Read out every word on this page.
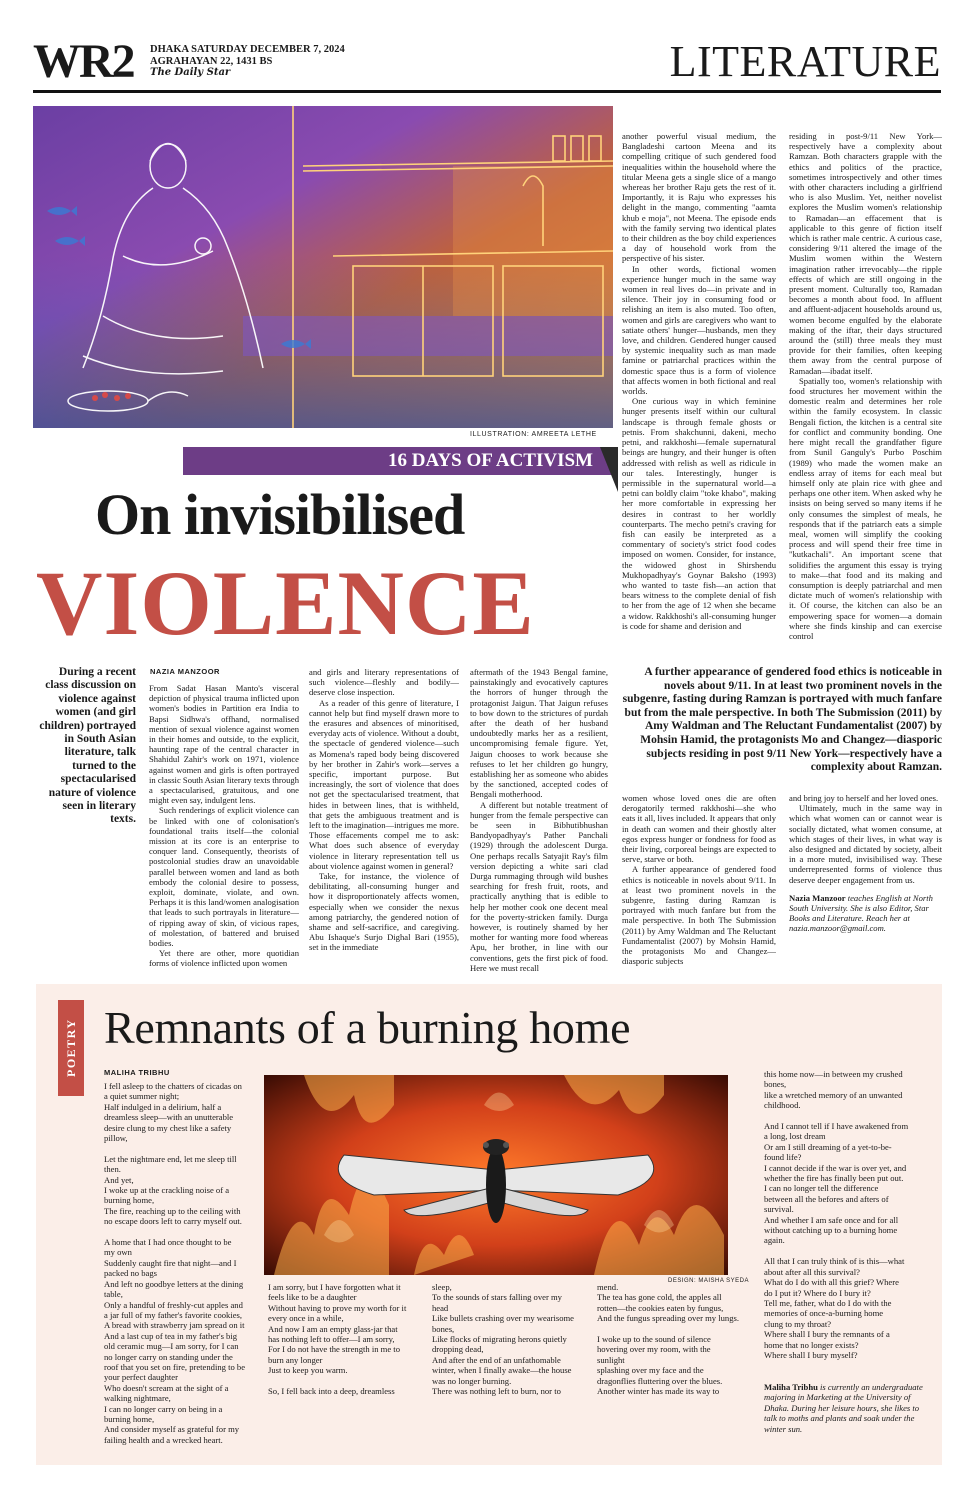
WR2 DHAKA SATURDAY DECEMBER 7, 2024
AGRAHAYAN 22, 1431 BS
The Daily Star	LITERATURE
ILLUSTRATION: AMREETA LETHE
16 DAYS OF ACTIVISM
On invisibilised
VIOLENCE
During a recent class discussion on violence against women (and girl children) portrayed in South Asian literature, talk turned to the spectacularised nature of violence seen in literary texts.
NAZIA MANZOOR

From Sadat Hasan Manto's visceral depiction of physical trauma inflicted upon women's bodies in Partition era India to Bapsi Sidhwa's offhand, normalised mention of sexual violence against women in their homes and outside, to the explicit, haunting rape of the central character in Shahidul Zahir's work on 1971, violence against women and girls is often portrayed in classic South Asian literary texts through a spectacularised, gratuitous, and one might even say, indulgent lens.

Such renderings of explicit violence can be linked with one of colonisation's foundational traits itself—the colonial mission at its core is an enterprise to conquer land. Consequently, theorists of postcolonial studies draw an unavoidable parallel between women and land as both embody the colonial desire to possess, exploit, dominate, violate, and own. Perhaps it is this land/women analogisation that leads to such portrayals in literature—of ripping away of skin, of vicious rapes, of molestation, of battered and bruised bodies.

Yet there are other, more quotidian forms of violence inflicted upon women

and girls and literary representations of such violence—fleshly and bodily—deserve close inspection.

As a reader of this genre of literature, I cannot help but find myself drawn more to the erasures and absences of minoritised, everyday acts of violence. Without a doubt, the spectacle of gendered violence—such as Momena's raped body being discovered by her brother in Zahir's work—serves a specific, important purpose. But increasingly, the sort of violence that does not get the spectacularised treatment, that hides in between lines, that is withheld, that gets the ambiguous treatment and is left to the imagination—intrigues me more. Those effacements compel me to ask: What does such absence of everyday violence in literary representation tell us about violence against women in general?

Take, for instance, the violence of debilitating, all-consuming hunger and how it disproportionately affects women, especially when we consider the nexus among patriarchy, the gendered notion of shame and self-sacrifice, and caregiving. Abu Ishaque's Surjo Dighal Bari (1955), set in the immediate

aftermath of the 1943 Bengal famine, painstakingly and evocatively captures the horrors of hunger through the protagonist Jaigun. That Jaigun refuses to bow down to the strictures of purdah after the death of her husband undoubtedly marks her as a resilient, uncompromising female figure. Yet, Jaigun chooses to work because she refuses to let her children go hungry, establishing her as someone who abides by the sanctioned, accepted codes of Bengali motherhood.

A different but notable treatment of hunger from the female perspective can be seen in Bibhutibhushan Bandyopadhyay's Pather Panchali (1929) through the adolescent Durga. One perhaps recalls Satyajit Ray's film version depicting a white sari clad Durga rummaging through wild bushes searching for fresh fruit, roots, and practically anything that is edible to help her mother cook one decent meal for the poverty-stricken family. Durga however, is routinely shamed by her mother for wanting more food whereas Apu, her brother, in line with our conventions, gets the first pick of food. Here we must recall

another powerful visual medium, the Bangladeshi cartoon Meena and its compelling critique of such gendered food inequalities within the household where the titular Meena gets a single slice of a mango whereas her brother Raju gets the rest of it. Importantly, it is Raju who expresses his delight in the mango, commenting "aamta khub e moja", not Meena. The episode ends with the family serving two identical plates to their children as the boy child experiences a day of household work from the perspective of his sister.

In other words, fictional women experience hunger much in the same way women in real lives do—in private and in silence. Their joy in consuming food or relishing an item is also muted. Too often, women and girls are caregivers who want to satiate others' hunger—husbands, men they love, and children. Gendered hunger caused by systemic inequality such as man made famine or patriarchal practices within the domestic space thus is a form of violence that affects women in both fictional and real worlds.

One curious way in which feminine hunger presents itself within our cultural landscape is through female ghosts or petnis. From shakchunni, dakeni, mecho petni, and rakkhoshi—female supernatural beings are hungry, and their hunger is often addressed with relish as well as ridicule in our tales. Interestingly, hunger is permissible in the supernatural world—a petni can boldly claim "toke khabo", making her more comfortable in expressing her desires in contrast to her worldly counterparts. The mecho petni's craving for fish can easily be interpreted as a commentary of society's strict food codes imposed on women. Consider, for instance, the widowed ghost in Shirshendu Mukhopadhyay's Goynar Baksho (1993) who wanted to taste fish—an action that bears witness to the complete denial of fish to her from the age of 12 when she became a widow. Rakkhoshi's all-consuming hunger is code for shame and derision and

residing in post-9/11 New York—respectively have a complexity about Ramzan. Both characters grapple with the ethics and politics of the practice, sometimes introspectively and other times with other characters including a girlfriend who is also Muslim. Yet, neither novelist explores the Muslim women's relationship to Ramadan—an effacement that is applicable to this genre of fiction itself which is rather male centric. A curious case, considering 9/11 altered the image of the Muslim women within the Western imagination rather irrevocably—the ripple effects of which are still ongoing in the present moment. Culturally too, Ramadan becomes a month about food. In affluent and affluent-adjacent households around us, women become engulfed by the elaborate making of the iftar, their days structured around the (still) three meals they must provide for their families, often keeping them away from the central purpose of Ramadan—ibadat itself.

Spatially too, women's relationship with food structures her movement within the domestic realm and determines her role within the family ecosystem. In classic Bengali fiction, the kitchen is a central site for conflict and community bonding. One here might recall the grandfather figure from Sunil Ganguly's Purbo Poschim (1989) who made the women make an endless array of items for each meal but himself only ate plain rice with ghee and perhaps one other item. When asked why he insists on being served so many items if he only consumes the simplest of meals, he responds that if the patriarch eats a simple meal, women will simplify the cooking process and will spend their free time in "kutkachali". An important scene that solidifies the argument this essay is trying to make—that food and its making and consumption is deeply patriarchal and men dictate much of women's relationship with it. Of course, the kitchen can also be an empowering space for women—a domain where she finds kinship and can exercise control

A further appearance of gendered food ethics is noticeable in novels about 9/11. In at least two prominent novels in the subgenre, fasting during Ramzan is portrayed with much fanfare but from the male perspective. In both The Submission (2011) by Amy Waldman and The Reluctant Fundamentalist (2007) by Mohsin Hamid, the protagonists Mo and Changez—diasporic subjects residing in post 9/11 New York—respectively have a complexity about Ramzan.

women whose loved ones die are often derogatorily termed rakkhoshi—she who eats it all, lives included. It appears that only in death can women and their ghostly alter egos express hunger or fondness for food as their living, corporeal beings are expected to serve, starve or both.

A further appearance of gendered food ethics is noticeable in novels about 9/11. In at least two prominent novels in the subgenre, fasting during Ramzan is portrayed with much fanfare but from the male perspective. In both The Submission (2011) by Amy Waldman and The Reluctant Fundamentalist (2007) by Mohsin Hamid, the protagonists Mo and Changez—diasporic subjects

and bring joy to herself and her loved ones.

Ultimately, much in the same way in which what women can or cannot wear is socially dictated, what women consume, at which stages of their lives, in what way is also designed and dictated by society, albeit in a more muted, invisibilised way. These underrepresented forms of violence thus deserve deeper engagement from us.

Nazia Manzoor teaches English at North South University. She is also Editor, Star Books and Literature. Reach her at nazia.manzoor@gmail.com.

POETRY Remnants of a burning home
MALIHA TRIBHU
DESIGN: MAISHA SYEDA
I fell asleep to the chatters of cicadas on
a quiet summer night;
Half indulged in a delirium, half a
dreamless sleep—with an unutterable
desire clung to my chest like a safety
pillow,
Let the nightmare end, let me sleep till
then.
And yet,
I woke up at the crackling noise of a
burning home,
The fire, reaching up to the ceiling with
no escape doors left to carry myself out.
A home that I had once thought to be
my own
Suddenly caught fire that night—and I
packed no bags
And left no goodbye letters at the dining
table,
Only a handful of freshly-cut apples and
a jar full of my father's favorite cookies,
A bread with strawberry jam spread on it
And a last cup of tea in my father's big
old ceramic mug—I am sorry, for I can
no longer carry on standing under the
roof that you set on fire, pretending to be
your perfect daughter
Who doesn't scream at the sight of a
walking nightmare,
I can no longer carry on being in a
burning home,
And consider myself as grateful for my
failing health and a wrecked heart.
I am sorry, but I have forgotten what it
feels like to be a daughter
Without having to prove my worth for it
every once in a while,
And now I am an empty glass-jar that
has nothing left to offer—I am sorry,
For I do not have the strength in me to
burn any longer
Just to keep you warm.
So, I fell back into a deep, dreamless
sleep,
To the sounds of stars falling over my
head
Like bullets crashing over my wearisome
bones,
Like flocks of migrating herons quietly
dropping dead,
And after the end of an unfathomable
winter, when I finally awake—the house
was no longer burning.
There was nothing left to burn, nor to
mend.
The tea has gone cold, the apples all
rotten—the cookies eaten by fungus,
And the fungus spreading over my lungs.
I woke up to the sound of silence
hovering over my room, with the
sunlight
splashing over my face and the
dragonflies fluttering over the blues.
Another winter has made its way to
this home now—in between my crushed
bones,
like a wretched memory of an unwanted
childhood.
And I cannot tell if I have awakened from
a long, lost dream
Or am I still dreaming of a yet-to-be-
found life?
I cannot decide if the war is over yet, and
whether the fire has finally been put out.
I can no longer tell the difference
between all the befores and afters of
survival.
And whether I am safe once and for all
without catching up to a burning home
again.
All that I can truly think of is this—what
about after all this survival?
What do I do with all this grief? Where
do I put it? Where do I bury it?
Tell me, father, what do I do with the
memories of once-a-burning home
clung to my throat?
Where shall I bury the remnants of a
home that no longer exists?
Where shall I bury myself?
Maliha Tribhu is currently an undergraduate majoring in Marketing at the University of Dhaka. During her leisure hours, she likes to talk to moths and plants and soak under the winter sun.
